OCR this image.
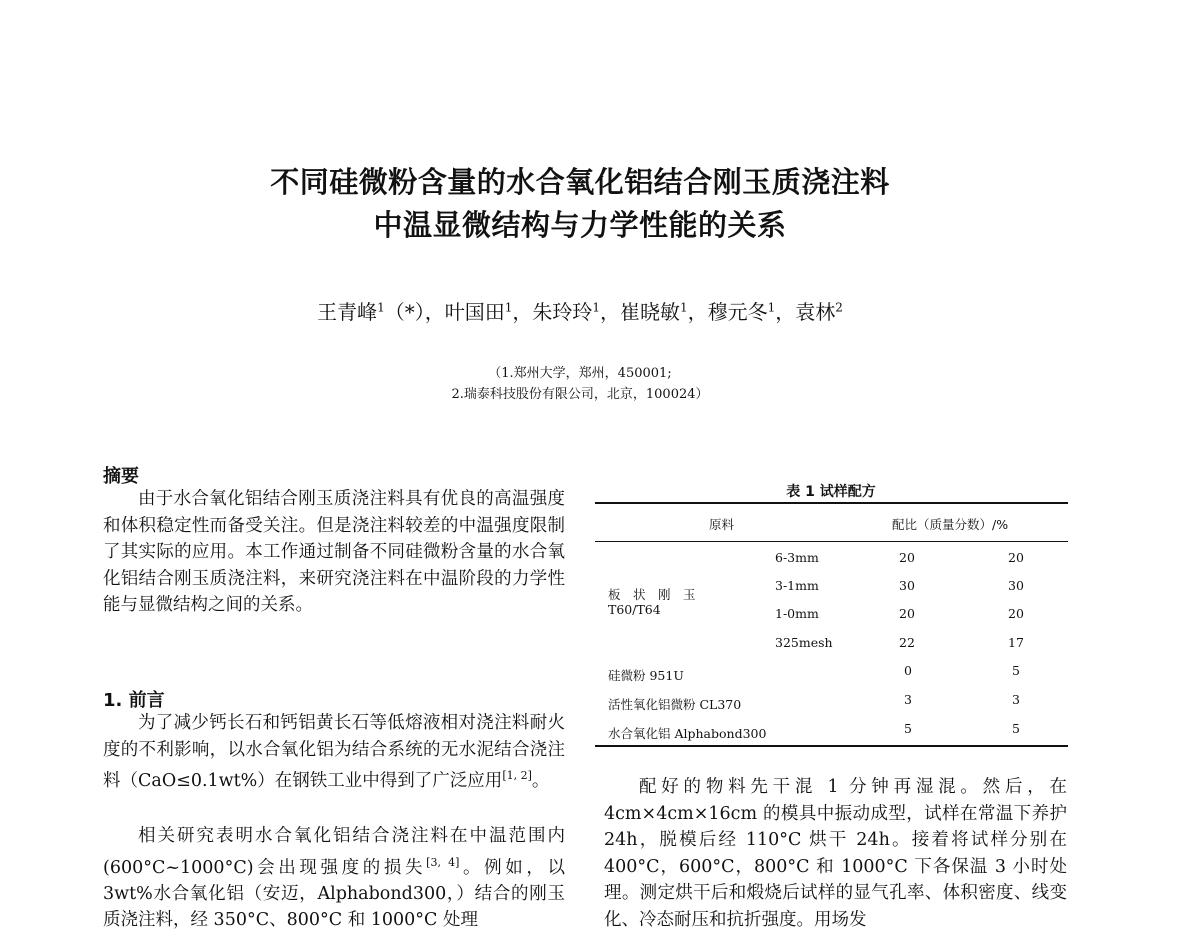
不同硅微粉含量的水合氧化铝结合刚玉质浇注料
中温显微结构与力学性能的关系
王青峰$^1$（*），叶国田$^1$，朱玲玲$^1$，崔晓敏$^1$，穆元冬$^1$，袁林$^2$
（1.郑州大学，郑州，450001;
2.瑞泰科技股份有限公司，北京，100024）
摘要

由于水合氧化铝结合刚玉质浇注料具有优良的高温强度和体积稳定性而备受关注。但是浇注料较差的中温强度限制了其实际的应用。本工作通过制备不同硅微粉含量的水合氧化铝结合刚玉质浇注料，来研究浇注料在中温阶段的力学性能与显微结构之间的关系。

1. 前言

为了减少钙长石和钙铝黄长石等低熔液相对浇注料耐火度的不利影响，以水合氧化铝为结合系统的无水泥结合浇注料（CaO≤0.1wt%）在钢铁工业中得到了广泛应用[1, 2]。

相关研究表明水合氧化铝结合浇注料在中温范围内(600°C~1000°C)会出现强度的损失[3, 4]。例如，以 3wt%水合氧化铝（安迈，Alphabond300，）结合的刚玉质浇注料，经 350°C、800°C 和 1000°C 处理

表 1 试样配方
原料	配比（质量分数）/%
板　状　刚　玉
T60/T64
6-3mm	20	20
3-1mm	30	30
1-0mm	20	20
325mesh	22	17
硅微粉 951U	0	5
活性氧化铝微粉 CL370	3	3
水合氧化铝 Alphabond300	5	5

配好的物料先干混 1 分钟再湿混。然后，在4cm×4cm×16cm 的模具中振动成型，试样在常温下养护 24h，脱模后经 110°C 烘干 24h。接着将试样分别在 400°C，600°C，800°C 和 1000°C 下各保温 3 小时处理。测定烘干后和煅烧后试样的显气孔率、体积密度、线变化、冷态耐压和抗折强度。用场发
